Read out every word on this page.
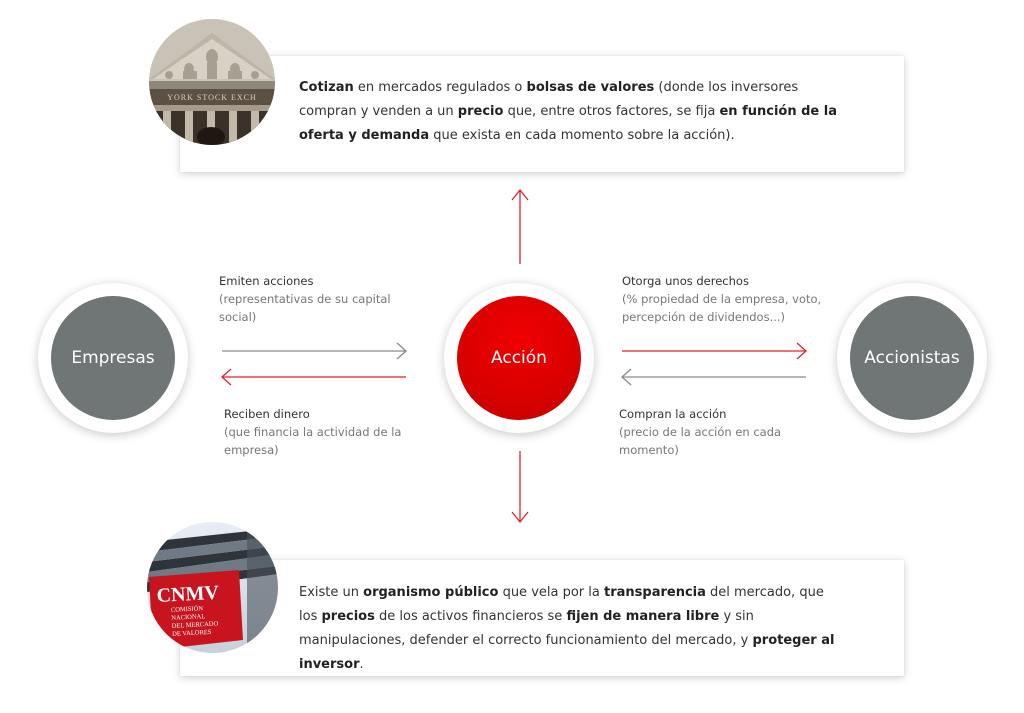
Cotizan en mercados regulados o bolsas de valores (donde los inversores compran y venden a un precio que, entre otros factores, se fija en función de la oferta y demanda que exista en cada momento sobre la acción).
YORK STOCK EXCH
Emiten acciones
(representativas de su capital social)
Reciben dinero
(que financia la actividad de la empresa)
Otorga unos derechos
(% propiedad de la empresa, voto, percepción de dividendos...)
Compran la acción
(precio de la acción en cada momento)
Empresas	Acción	Accionistas
Existe un organismo público que vela por la transparencia del mercado, que los precios de los activos financieros se fijen de manera libre y sin manipulaciones, defender el correcto funcionamiento del mercado, y proteger al inversor.
CNMV
COMISIÓN
NACIONAL
DEL MERCADO
DE VALORES
